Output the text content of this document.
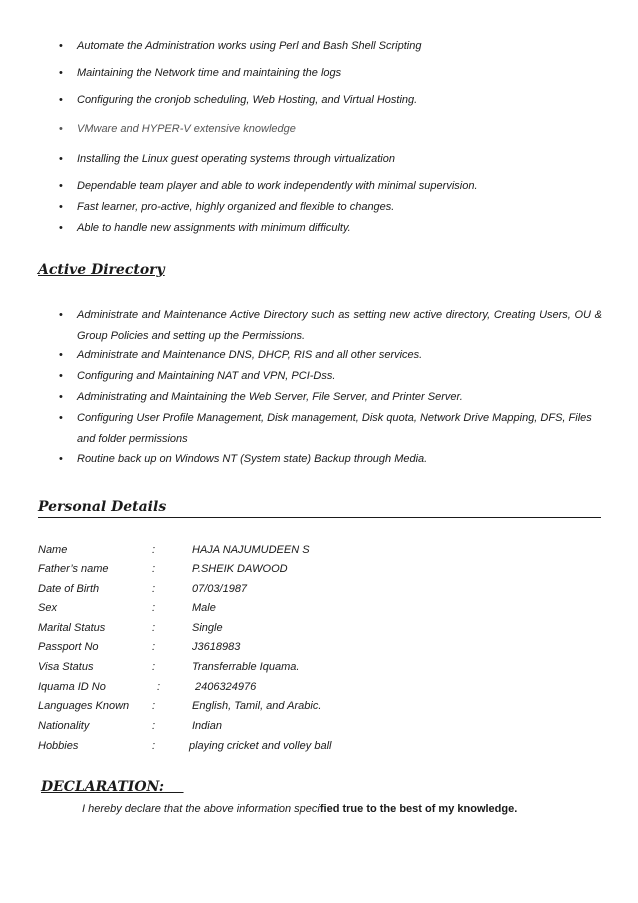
• Automate the Administration works using Perl and Bash Shell Scripting
• Maintaining the Network time and maintaining the logs
• Configuring the cronjob scheduling, Web Hosting, and Virtual Hosting.
• VMware and HYPER-V extensive knowledge
• Installing the Linux guest operating systems through virtualization
• Dependable team player and able to work independently with minimal supervision.
• Fast learner, pro-active, highly organized and flexible to changes.
• Able to handle new assignments with minimum difficulty.
Active Directory
• Administrate and Maintenance Active Directory such as setting new active directory, Creating Users, OU & Group Policies and setting up the Permissions.
• Administrate and Maintenance DNS, DHCP, RIS and all other services.
• Configuring and Maintaining NAT and VPN, PCI-Dss.
• Administrating and Maintaining the Web Server, File Server, and Printer Server.
• Configuring User Profile Management, Disk management, Disk quota, Network Drive Mapping, DFS, Files and folder permissions
• Routine back up on Windows NT (System state) Backup through Media.
Personal Details
Name	:	HAJA NAJUMUDEEN S
Father’s name	:	P.SHEIK DAWOOD
Date of Birth	:	07/03/1987
Sex	:	Male
Marital Status	:	Single
Passport No	:	J3618983
Visa Status	:	Transferrable Iquama.
Iquama ID No	:	2406324976
Languages Known :	English, Tamil, and Arabic.
Nationality	:	Indian
Hobbies	:	playing cricket and volley ball
DECLARATION:
I hereby declare that the above information specified true to the best of my knowledge.
